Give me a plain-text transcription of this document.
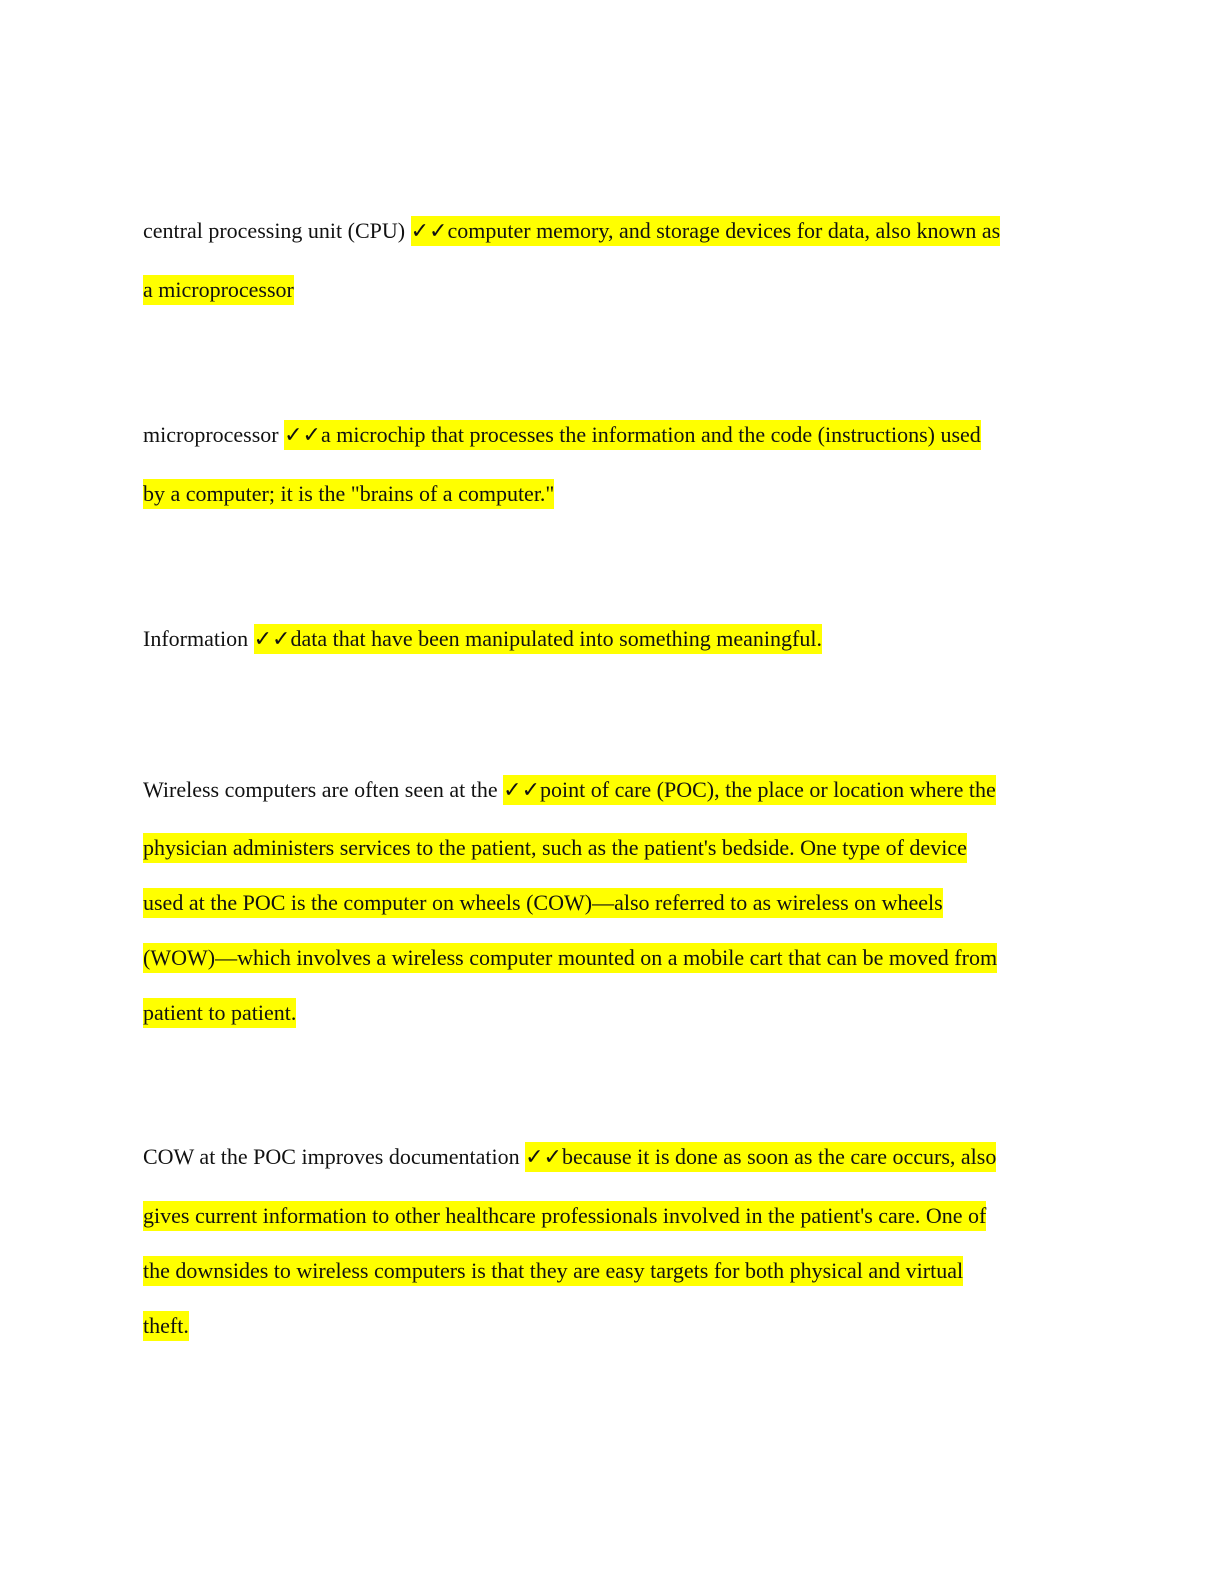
central processing unit (CPU) ✓✓computer memory, and storage devices for data, also known as
a microprocessor
microprocessor ✓✓a microchip that processes the information and the code (instructions) used
by a computer; it is the "brains of a computer."
Information ✓✓data that have been manipulated into something meaningful.
Wireless computers are often seen at the ✓✓point of care (POC), the place or location where the
physician administers services to the patient, such as the patient's bedside. One type of device
used at the POC is the computer on wheels (COW)—also referred to as wireless on wheels
(WOW)—which involves a wireless computer mounted on a mobile cart that can be moved from
patient to patient.
COW at the POC improves documentation ✓✓because it is done as soon as the care occurs, also
gives current information to other healthcare professionals involved in the patient's care. One of
the downsides to wireless computers is that they are easy targets for both physical and virtual
theft.
